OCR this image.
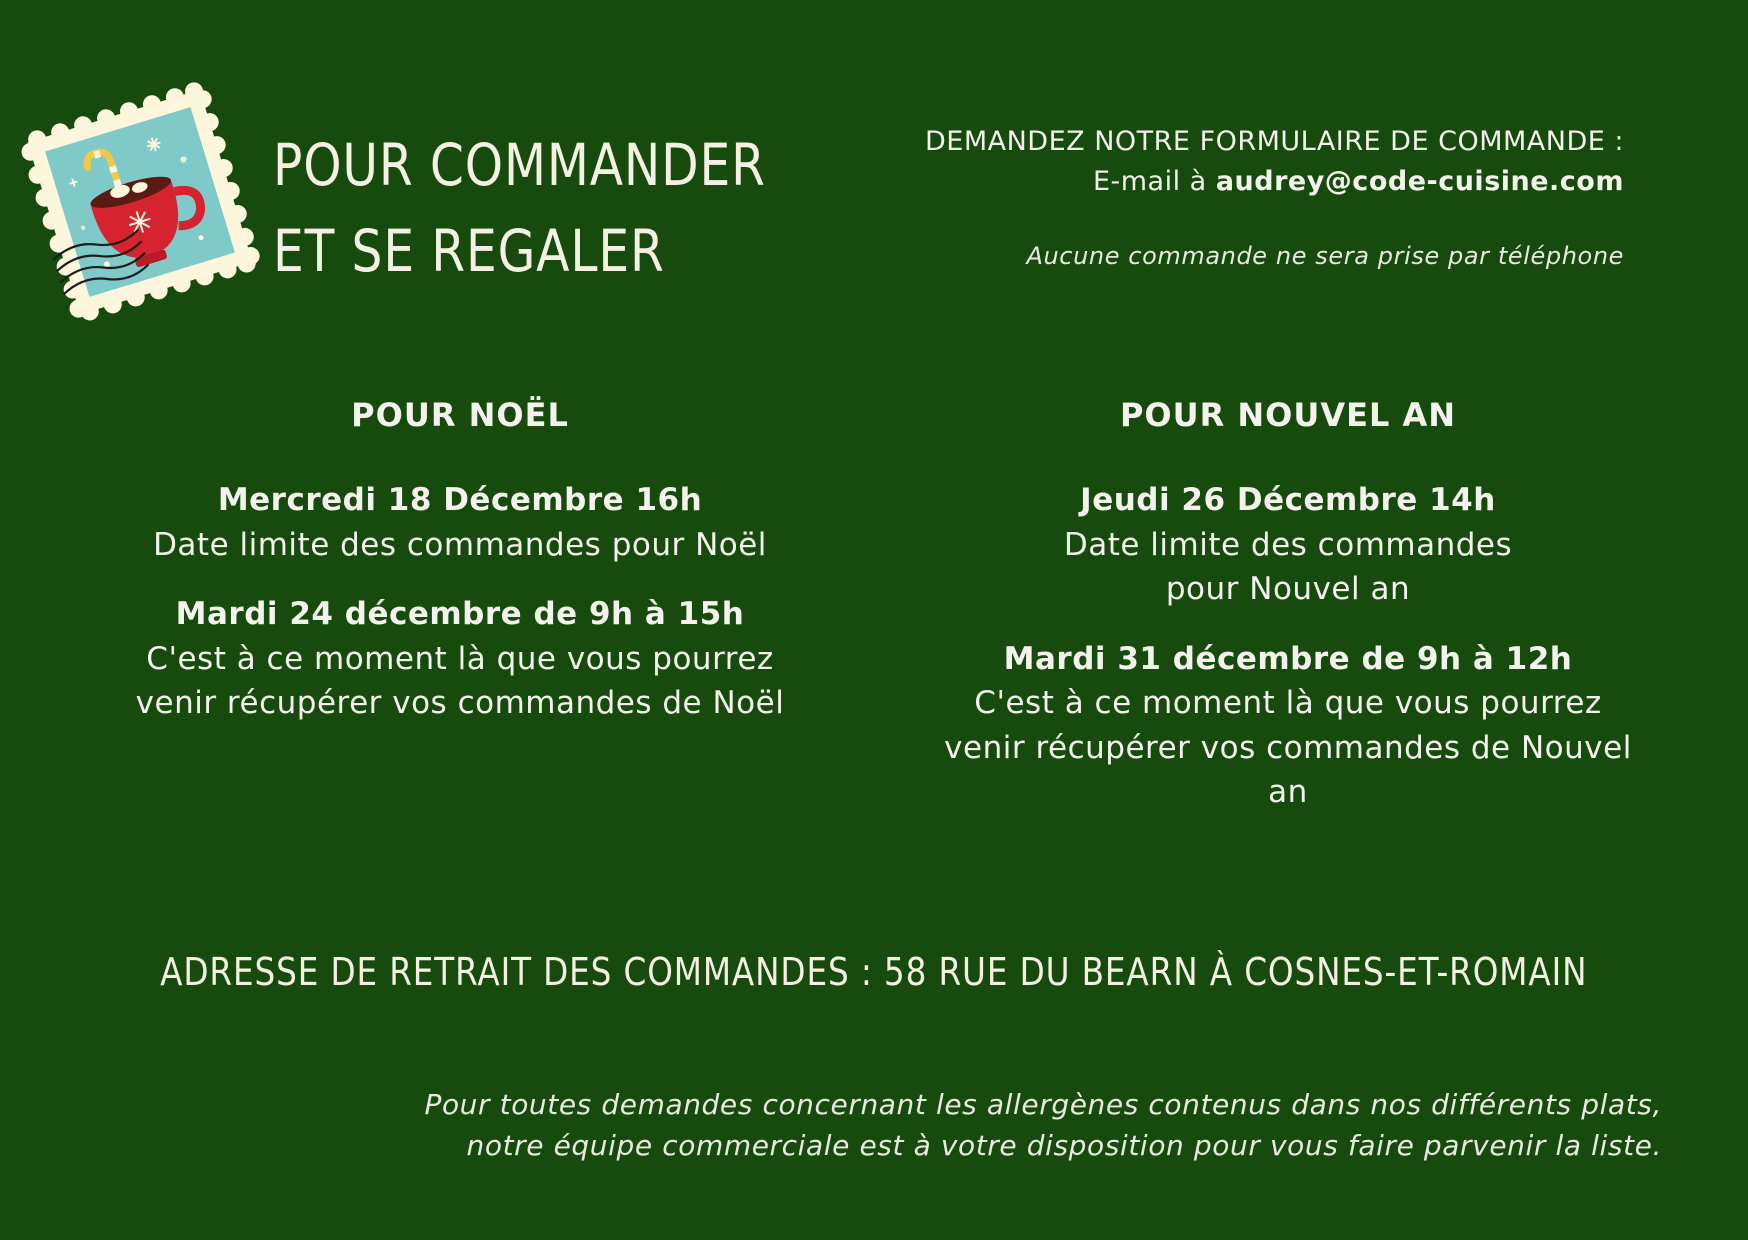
POUR COMMANDER
ET SE REGALER
DEMANDEZ NOTRE FORMULAIRE DE COMMANDE :
E-mail à audrey@code-cuisine.com
Aucune commande ne sera prise par téléphone
POUR NOËL
Mercredi 18 Décembre 16h
Date limite des commandes pour Noël
Mardi 24 décembre de 9h à 15h
C'est à ce moment là que vous pourrez venir récupérer vos commandes de Noël
POUR NOUVEL AN
Jeudi 26 Décembre 14h
Date limite des commandes pour Nouvel an
Mardi 31 décembre de 9h à 12h
C'est à ce moment là que vous pourrez venir récupérer vos commandes de Nouvel an
ADRESSE DE RETRAIT DES COMMANDES : 58 RUE DU BEARN À COSNES-ET-ROMAIN
Pour toutes demandes concernant les allergènes contenus dans nos différents plats,
notre équipe commerciale est à votre disposition pour vous faire parvenir la liste.
